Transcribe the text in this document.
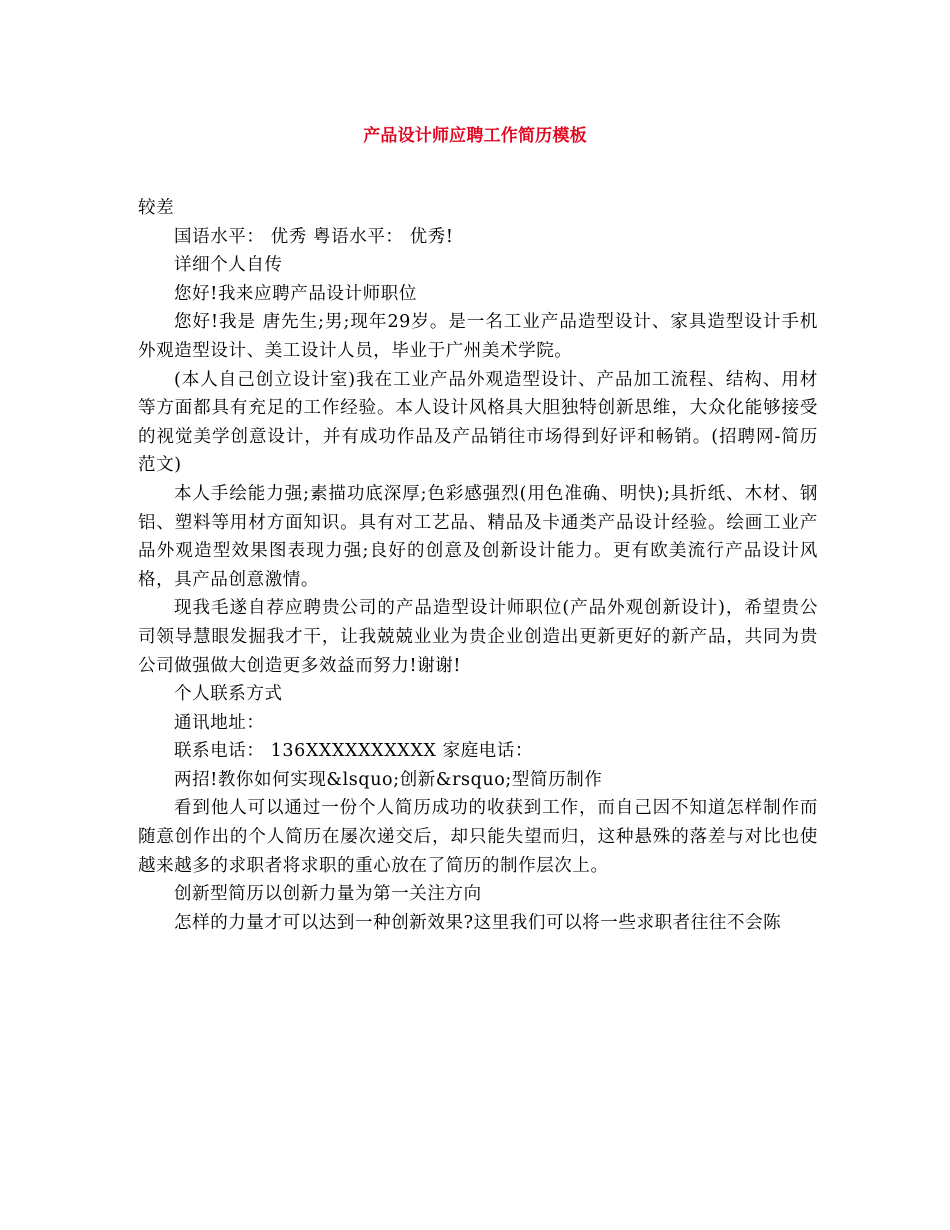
产品设计师应聘工作简历模板

较差

国语水平： 优秀 粤语水平： 优秀!

详细个人自传

您好!我来应聘产品设计师职位

您好!我是 唐先生;男;现年29岁。是一名工业产品造型设计、家具造型设计手机外观造型设计、美工设计人员，毕业于广州美术学院。

(本人自己创立设计室)我在工业产品外观造型设计、产品加工流程、结构、用材等方面都具有充足的工作经验。本人设计风格具大胆独特创新思维，大众化能够接受的视觉美学创意设计，并有成功作品及产品销往市场得到好评和畅销。(招聘网-简历范文)

本人手绘能力强;素描功底深厚;色彩感强烈(用色准确、明快);具折纸、木材、钢铝、塑料等用材方面知识。具有对工艺品、精品及卡通类产品设计经验。绘画工业产品外观造型效果图表现力强;良好的创意及创新设计能力。更有欧美流行产品设计风格，具产品创意激情。

现我毛遂自荐应聘贵公司的产品造型设计师职位(产品外观创新设计)，希望贵公司领导慧眼发掘我才干，让我兢兢业业为贵企业创造出更新更好的新产品，共同为贵公司做强做大创造更多效益而努力!谢谢!

个人联系方式

通讯地址：

联系电话： 136XXXXXXXXXX 家庭电话：

两招!教你如何实现&lsquo;创新&rsquo;型简历制作

看到他人可以通过一份个人简历成功的收获到工作，而自己因不知道怎样制作而随意创作出的个人简历在屡次递交后，却只能失望而归，这种悬殊的落差与对比也使越来越多的求职者将求职的重心放在了简历的制作层次上。

创新型简历以创新力量为第一关注方向

怎样的力量才可以达到一种创新效果?这里我们可以将一些求职者往往不会陈
